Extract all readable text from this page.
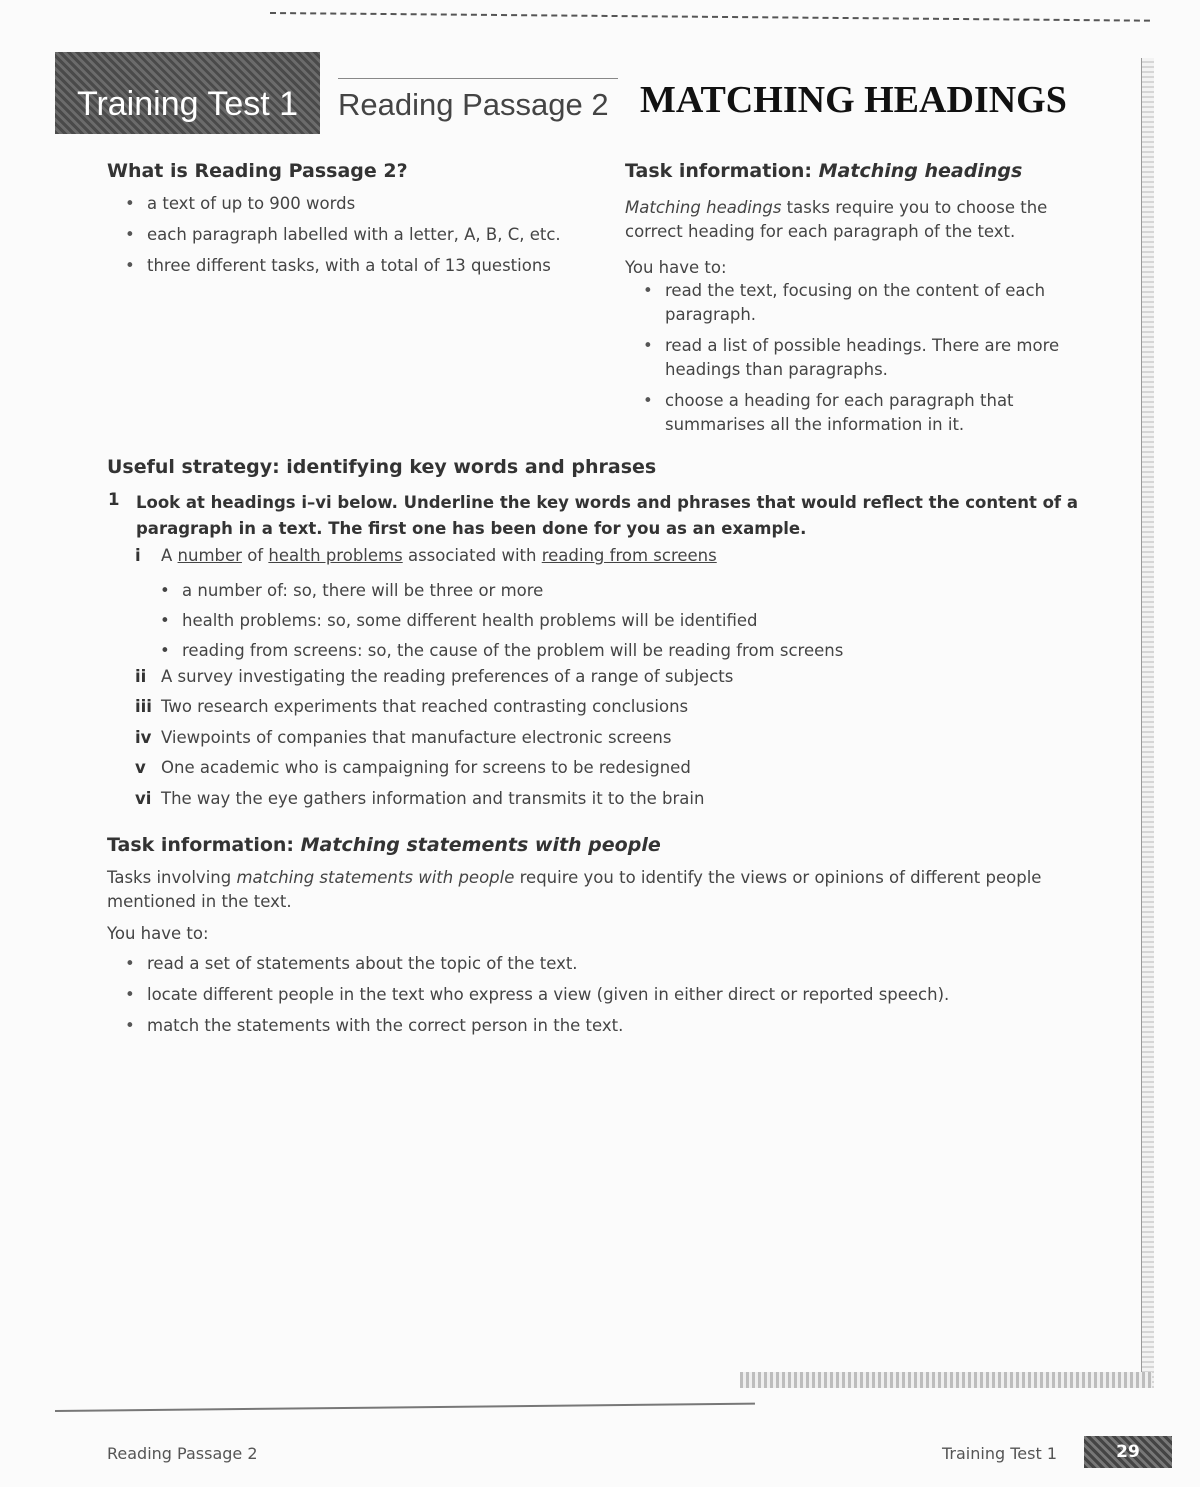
Training Test 1 Reading Passage 2 MATCHING HEADINGS
What is Reading Passage 2?
• a text of up to 900 words
• each paragraph labelled with a letter, A, B, C, etc.
• three different tasks, with a total of 13 questions
Task information: Matching headings
Matching headings tasks require you to choose the correct heading for each paragraph of the text.
You have to:
• read the text, focusing on the content of each paragraph.
• read a list of possible headings. There are more headings than paragraphs.
• choose a heading for each paragraph that summarises all the information in it.
Useful strategy: identifying key words and phrases
1 Look at headings i–vi below. Underline the key words and phrases that would reflect the content of a paragraph in a text. The first one has been done for you as an example.
i A number of health problems associated with reading from screens
• a number of: so, there will be three or more
• health problems: so, some different health problems will be identified
• reading from screens: so, the cause of the problem will be reading from screens
ii A survey investigating the reading preferences of a range of subjects
iii Two research experiments that reached contrasting conclusions
iv Viewpoints of companies that manufacture electronic screens
v One academic who is campaigning for screens to be redesigned
vi The way the eye gathers information and transmits it to the brain
Task information: Matching statements with people
Tasks involving matching statements with people require you to identify the views or opinions of different people mentioned in the text.
You have to:
• read a set of statements about the topic of the text.
• locate different people in the text who express a view (given in either direct or reported speech).
• match the statements with the correct person in the text.
Reading Passage 2	Training Test 1	29
